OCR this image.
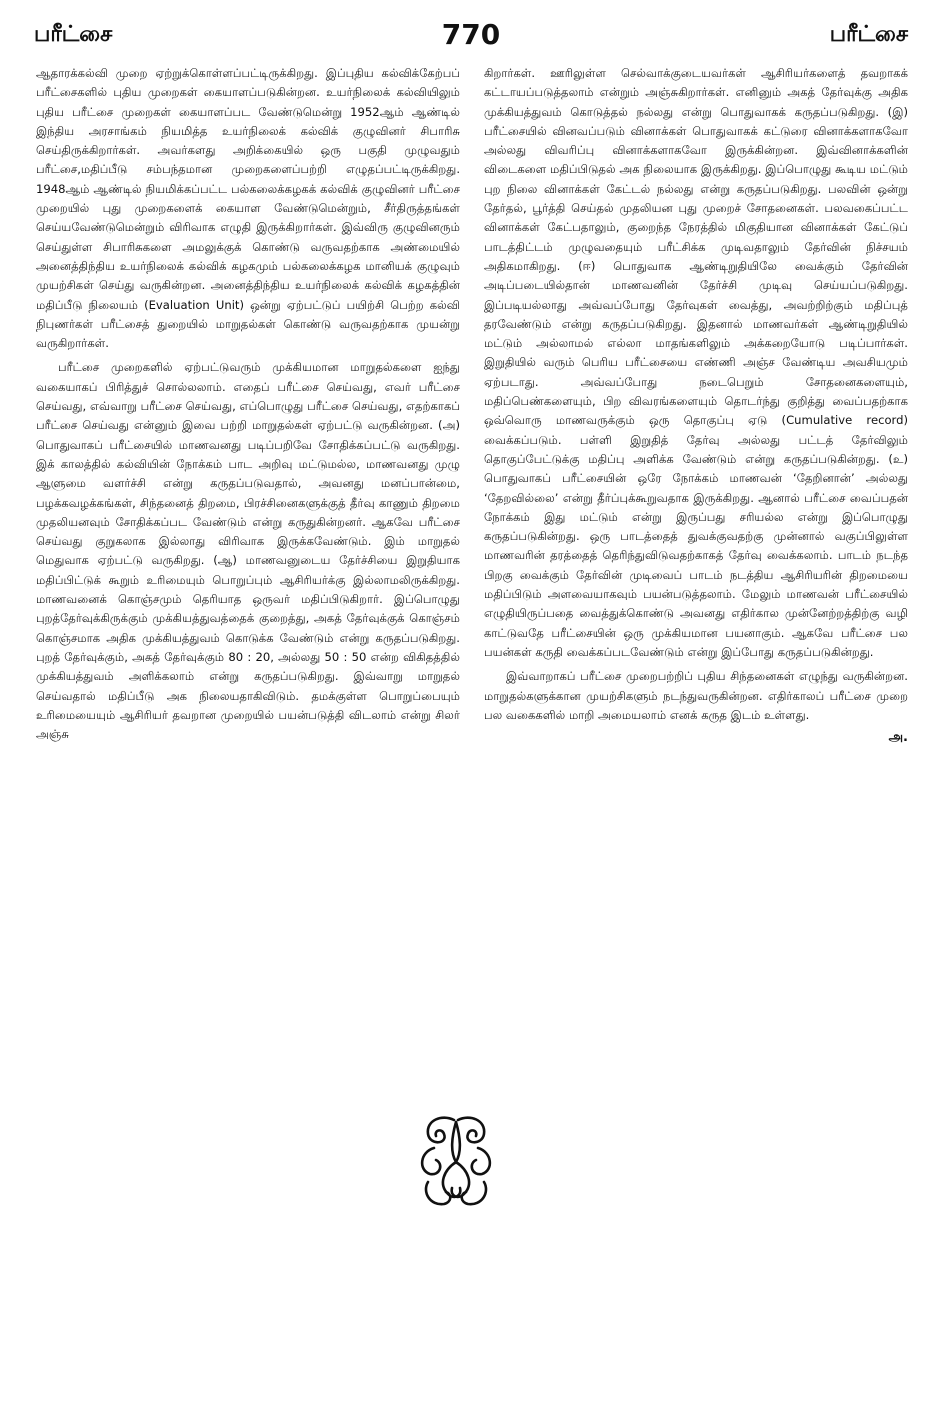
பரீட்சை	770	பரீட்சை

ஆதாரக்கல்வி முறை ஏற்றுக்கொள்ளப்பட்டிருக்கிறது. இப்புதிய கல்விக்கேற்பப் பரீட்சைகளில் புதிய முறைகள் கையாளப்படுகின்றன. உயர்நிலைக் கல்வியிலும் புதிய பரீட்சை முறைகள் கையாளப்பட வேண்டுமென்று 1952ஆம் ஆண்டில் இந்திய அரசாங்கம் நியமித்த உயர்நிலைக் கல்விக் குழுவினர் சிபாரிசு செய்திருக்கிறார்கள். அவர்களது அறிக்கையில் ஒரு பகுதி முழுவதும் பரீட்சை,மதிப்பீடு சம்பந்தமான முறைகளைப்பற்றி எழுதப்பட்டிருக்கிறது. 1948ஆம் ஆண்டில் நியமிக்கப்பட்ட பல்கலைக்கழகக் கல்விக் குழுவினர் பரீட்சை முறையில் புது முறைகளைக் கையாள வேண்டுமென்றும், சீர்திருத்தங்கள் செய்யவேண்டுமென்றும் விரிவாக எழுதி இருக்கிறார்கள். இவ்விரு குழுவினரும் செய்துள்ள சிபாரிசுகளை அமலுக்குக் கொண்டு வருவதற்காக அண்மையில் அனைத்திந்திய உயர்நிலைக் கல்விக் கழகமும் பல்கலைக்கழக மானியக் குழுவும் முயற்சிகள் செய்து வருகின்றன. அனைத்திந்திய உயர்நிலைக் கல்விக் கழகத்தின் மதிப்பீடு நிலையம் (Evaluation Unit) ஒன்று ஏற்பட்டுப் பயிற்சி பெற்ற கல்வி நிபுணர்கள் பரீட்சைத் துறையில் மாறுதல்கள் கொண்டு வருவதற்காக முயன்று வருகிறார்கள்.

பரீட்சை முறைகளில் ஏற்பட்டுவரும் முக்கியமான மாறுதல்களை ஐந்து வகையாகப் பிரித்துச் சொல்லலாம். எதைப் பரீட்சை செய்வது, எவர் பரீட்சை செய்வது, எவ்வாறு பரீட்சை செய்வது, எப்பொழுது பரீட்சை செய்வது, எதற்காகப் பரீட்சை செய்வது என்னும் இவை பற்றி மாறுதல்கள் ஏற்பட்டு வருகின்றன. (அ) பொதுவாகப் பரீட்சையில் மாணவனது படிப்பறிவே சோதிக்கப்பட்டு வருகிறது. இக் காலத்தில் கல்வியின் நோக்கம் பாட அறிவு மட்டுமல்ல, மாணவனது முழு ஆளுமை வளர்ச்சி என்று கருதப்படுவதால், அவனது மனப்பான்மை, பழக்கவழக்கங்கள், சிந்தனைத் திறமை, பிரச்சினைகளுக்குத் தீர்வு காணும் திறமை முதலியனவும் சோதிக்கப்பட வேண்டும் என்று கருதுகின்றனர். ஆகவே பரீட்சை செய்வது குறுகலாக இல்லாது விரிவாக இருக்கவேண்டும். இம் மாறுதல் மெதுவாக ஏற்பட்டு வருகிறது. (ஆ) மாணவனுடைய தேர்ச்சியை இறுதியாக மதிப்பிட்டுக் கூறும் உரிமையும் பொறுப்பும் ஆசிரியர்க்கு இல்லாமலிருக்கிறது. மாணவனைக் கொஞ்சமும் தெரியாத ஒருவர் மதிப்பிடுகிறார். இப்பொழுது புறத்தேர்வுக்கிருக்கும் முக்கியத்துவத்தைக் குறைத்து, அகத் தேர்வுக்குக் கொஞ்சம் கொஞ்சமாக அதிக முக்கியத்துவம் கொடுக்க வேண்டும் என்று கருதப்படுகிறது. புறத் தேர்வுக்கும், அகத் தேர்வுக்கும் 80 : 20, அல்லது 50 : 50 என்ற விகிதத்தில் முக்கியத்துவம் அளிக்கலாம் என்று கருதப்படுகிறது. இவ்வாறு மாறுதல் செய்வதால் மதிப்பீடு அக நிலையதாகிவிடும். தமக்குள்ள பொறுப்பையும் உரிமையையும் ஆசிரியர் தவறான முறையில் பயன்படுத்தி விடலாம் என்று சிலர் அஞ்சு

கிறார்கள். ஊரிலுள்ள செல்வாக்குடையவர்கள் ஆசிரியர்களைத் தவறாகக் கட்டாயப்படுத்தலாம் என்றும் அஞ்சுகிறார்கள். எனினும் அகத் தேர்வுக்கு அதிக முக்கியத்துவம் கொடுத்தல் நல்லது என்று பொதுவாகக் கருதப்படுகிறது. (இ) பரீட்சையில் வினவப்படும் வினாக்கள் பொதுவாகக் கட்டுரை வினாக்களாகவோ அல்லது விவரிப்பு வினாக்களாகவோ இருக்கின்றன. இவ்வினாக்களின் விடைகளை மதிப்பிடுதல் அக நிலையாக இருக்கிறது. இப்பொழுது கூடிய மட்டும் புற நிலை வினாக்கள் கேட்டல் நல்லது என்று கருதப்படுகிறது. பலவின் ஒன்று தேர்தல், பூர்த்தி செய்தல் முதலியன புது முறைச் சோதனைகள். பலவகைப்பட்ட வினாக்கள் கேட்பதாலும், குறைந்த நேரத்தில் மிகுதியான வினாக்கள் கேட்டுப் பாடத்திட்டம் முழுவதையும் பரீட்சிக்க முடிவதாலும் தேர்வின் நிச்சயம் அதிகமாகிறது. (ஈ) பொதுவாக ஆண்டிறுதியிலே வைக்கும் தேர்வின் அடிப்படையில்தான் மாணவனின் தேர்ச்சி முடிவு செய்யப்படுகிறது. இப்படியல்லாது அவ்வப்போது தேர்வுகள் வைத்து, அவற்றிற்கும் மதிப்புத் தரவேண்டும் என்று கருதப்படுகிறது. இதனால் மாணவர்கள் ஆண்டிறுதியில் மட்டும் அல்லாமல் எல்லா மாதங்களிலும் அக்கறையோடு படிப்பார்கள். இறுதியில் வரும் பெரிய பரீட்சையை எண்ணி அஞ்ச வேண்டிய அவசியமும் ஏற்படாது. அவ்வப்போது நடைபெறும் சோதனைகளையும், மதிப்பெண்களையும், பிற விவரங்களையும் தொடர்ந்து குறித்து வைப்பதற்காக ஒவ்வொரு மாணவருக்கும் ஒரு தொகுப்பு ஏடு (Cumulative record) வைக்கப்படும். பள்ளி இறுதித் தேர்வு அல்லது பட்டத் தேர்விலும் தொகுப்பேட்டுக்கு மதிப்பு அளிக்க வேண்டும் என்று கருதப்படுகின்றது. (உ) பொதுவாகப் பரீட்சையின் ஒரே நோக்கம் மாணவன் ‘தேறினான்’ அல்லது ‘தேறவில்லை’ என்று தீர்ப்புக்கூறுவதாக இருக்கிறது. ஆனால் பரீட்சை வைப்பதன் நோக்கம் இது மட்டும் என்று இருப்பது சரியல்ல என்று இப்பொழுது கருதப்படுகின்றது. ஒரு பாடத்தைத் துவக்குவதற்கு முன்னால் வகுப்பிலுள்ள மாணவரின் தரத்தைத் தெரிந்துவிடுவதற்காகத் தேர்வு வைக்கலாம். பாடம் நடந்த பிறகு வைக்கும் தேர்வின் முடிவைப் பாடம் நடத்திய ஆசிரியரின் திறமையை மதிப்பிடும் அளவையாகவும் பயன்படுத்தலாம். மேலும் மாணவன் பரீட்சையில் எழுதியிருப்பதை வைத்துக்கொண்டு அவனது எதிர்கால முன்னேற்றத்திற்கு வழி காட்டுவதே பரீட்சையின் ஒரு முக்கியமான பயனாகும். ஆகவே பரீட்சை பல பயன்கள் கருதி வைக்கப்படவேண்டும் என்று இப்போது கருதப்படுகின்றது.

இவ்வாறாகப் பரீட்சை முறைபற்றிப் புதிய சிந்தனைகள் எழுந்து வருகின்றன. மாறுதல்களுக்கான முயற்சிகளும் நடந்துவருகின்றன. எதிர்காலப் பரீட்சை முறை பல வகைகளில் மாறி அமையலாம் எனக் கருத இடம் உள்ளது.

அ.
